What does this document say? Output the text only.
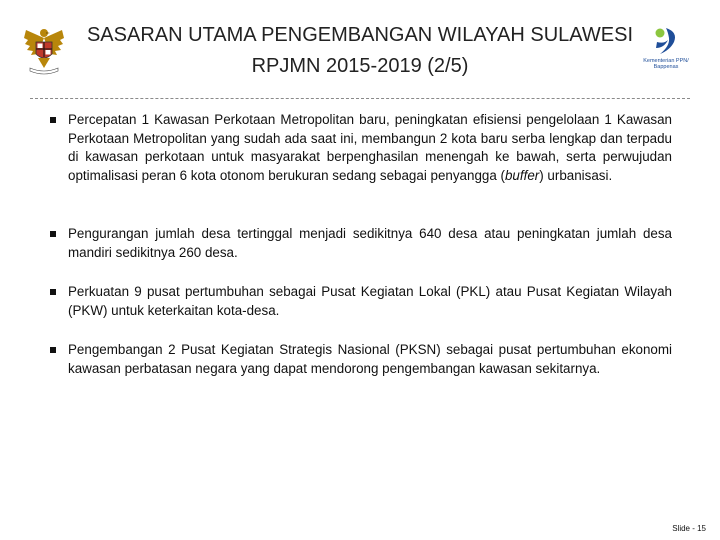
SASARAN UTAMA PENGEMBANGAN WILAYAH SULAWESI
RPJMN 2015-2019 (2/5)	Kementerian PPN/
Bappenas
Percepatan 1 Kawasan Perkotaan Metropolitan baru, peningkatan efisiensi pengelolaan 1 Kawasan Perkotaan Metropolitan yang sudah ada saat ini, membangun 2 kota baru serba lengkap dan terpadu di kawasan perkotaan untuk masyarakat berpenghasilan menengah ke bawah, serta perwujudan optimalisasi peran 6 kota otonom berukuran sedang sebagai penyangga (buffer) urbanisasi.
Pengurangan jumlah desa tertinggal menjadi sedikitnya 640 desa atau peningkatan jumlah desa mandiri sedikitnya 260 desa.
Perkuatan 9 pusat pertumbuhan sebagai Pusat Kegiatan Lokal (PKL) atau Pusat Kegiatan Wilayah (PKW) untuk keterkaitan kota-desa.
Pengembangan 2 Pusat Kegiatan Strategis Nasional (PKSN) sebagai pusat pertumbuhan ekonomi kawasan perbatasan negara yang dapat mendorong pengembangan kawasan sekitarnya.
Slide - 15
